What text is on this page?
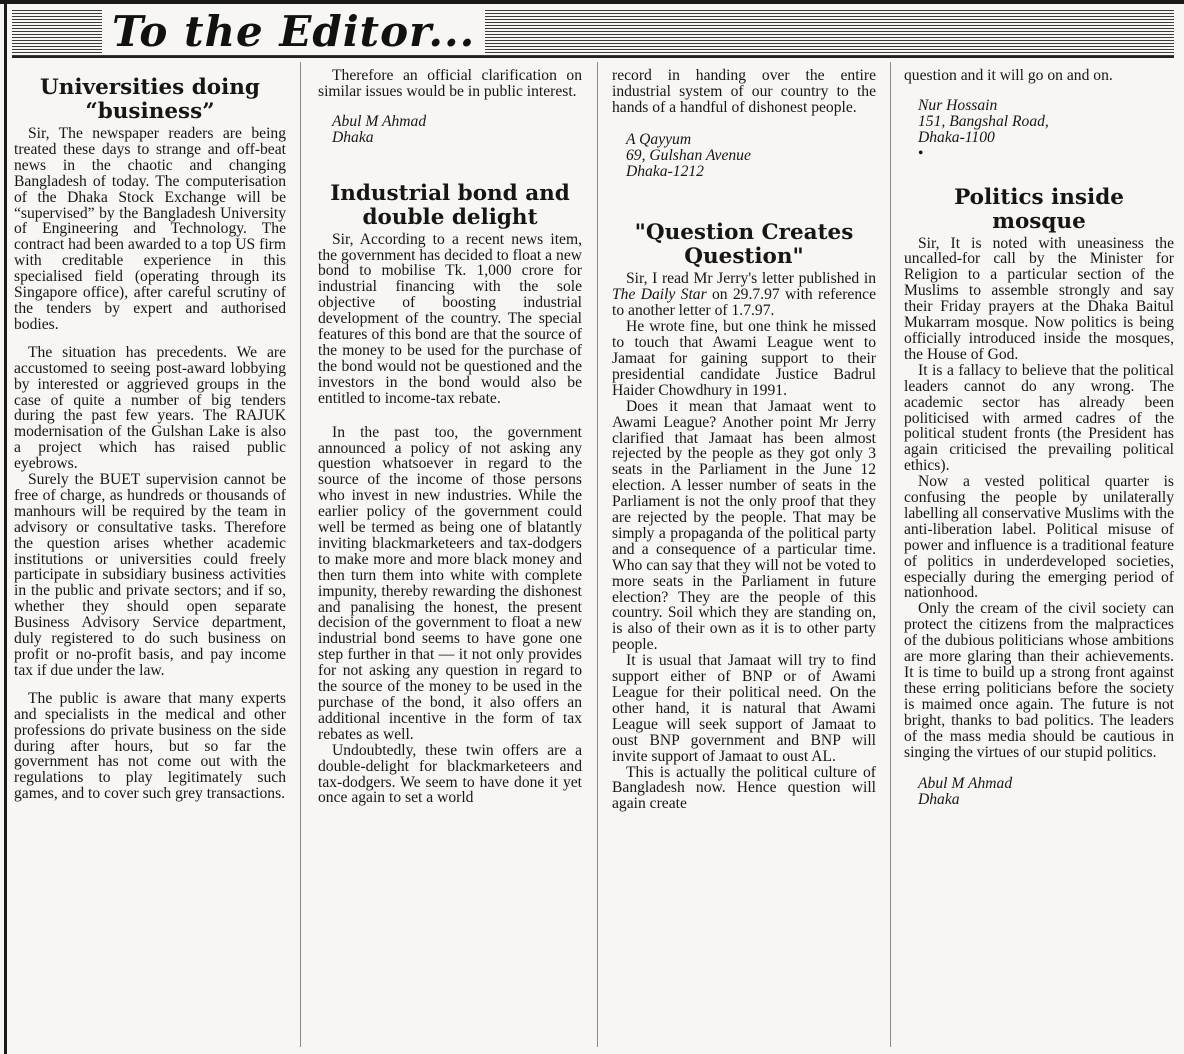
To the Editor...
Universities doing
“business”

Sir, The newspaper readers are being treated these days to strange and off-beat news in the chaotic and changing Bangladesh of today. The computerisation of the Dhaka Stock Exchange will be “supervised” by the Bangladesh University of Engineering and Technology. The contract had been awarded to a top US firm with creditable experience in this specialised field (operating through its Singapore office), after careful scrutiny of the tenders by expert and authorised bodies.

The situation has precedents. We are accustomed to seeing post-award lobbying by interested or aggrieved groups in the case of quite a number of big tenders during the past few years. The RAJUK modernisation of the Gulshan Lake is also a project which has raised public eyebrows.

Surely the BUET supervision cannot be free of charge, as hundreds or thousands of manhours will be required by the team in advisory or consultative tasks. Therefore the question arises whether academic institutions or universities could freely participate in subsidiary business activities in the public and private sectors; and if so, whether they should open separate Business Advisory Service department, duly registered to do such business on profit or no-profit basis, and pay income tax if due under the law.

The public is aware that many experts and specialists in the medical and other professions do private business on the side during after hours, but so far the government has not come out with the regulations to play legitimately such games, and to cover such grey transactions.

Therefore an official clarification on similar issues would be in public interest.

Abul M Ahmad

Dhaka

Industrial bond and
double delight

Sir, According to a recent news item, the government has decided to float a new bond to mobilise Tk. 1,000 crore for industrial financing with the sole objective of boosting industrial development of the country. The special features of this bond are that the source of the money to be used for the purchase of the bond would not be questioned and the investors in the bond would also be entitled to income-tax rebate.

In the past too, the government announced a policy of not asking any question whatsoever in regard to the source of the income of those persons who invest in new industries. While the earlier policy of the government could well be termed as being one of blatantly inviting blackmarketeers and tax-dodgers to make more and more black money and then turn them into white with complete impunity, thereby rewarding the dishonest and panalising the honest, the present decision of the government to float a new industrial bond seems to have gone one step further in that — it not only provides for not asking any question in regard to the source of the money to be used in the purchase of the bond, it also offers an additional incentive in the form of tax rebates as well.

Undoubtedly, these twin offers are a double-delight for blackmarketeers and tax-dodgers. We seem to have done it yet once again to set a world

record in handing over the entire industrial system of our country to the hands of a handful of dishonest people.

A Qayyum

69, Gulshan Avenue

Dhaka-1212

"Question Creates
Question"

Sir, I read Mr Jerry's letter published in The Daily Star on 29.7.97 with reference to another letter of 1.7.97.

He wrote fine, but one think he missed to touch that Awami League went to Jamaat for gaining support to their presidential candidate Justice Badrul Haider Chowdhury in 1991.

Does it mean that Jamaat went to Awami League? Another point Mr Jerry clarified that Jamaat has been almost rejected by the people as they got only 3 seats in the Parliament in the June 12 election. A lesser number of seats in the Parliament is not the only proof that they are rejected by the people. That may be simply a propaganda of the political party and a consequence of a particular time. Who can say that they will not be voted to more seats in the Parliament in future election? They are the people of this country. Soil which they are standing on, is also of their own as it is to other party people.

It is usual that Jamaat will try to find support either of BNP or of Awami League for their political need. On the other hand, it is natural that Awami League will seek support of Jamaat to oust BNP government and BNP will invite support of Jamaat to oust AL.

This is actually the political culture of Bangladesh now. Hence question will again create

question and it will go on and on.

Nur Hossain

151, Bangshal Road,

Dhaka-1100

•

Politics inside
mosque

Sir, It is noted with uneasiness the uncalled-for call by the Minister for Religion to a particular section of the Muslims to assemble strongly and say their Friday prayers at the Dhaka Baitul Mukarram mosque. Now politics is being officially introduced inside the mosques, the House of God.

It is a fallacy to believe that the political leaders cannot do any wrong. The academic sector has already been politicised with armed cadres of the political student fronts (the President has again criticised the prevailing political ethics).

Now a vested political quarter is confusing the people by unilaterally labelling all conservative Muslims with the anti-liberation label. Political misuse of power and influence is a traditional feature of politics in underdeveloped societies, especially during the emerging period of nationhood.

Only the cream of the civil society can protect the citizens from the malpractices of the dubious politicians whose ambitions are more glaring than their achievements. It is time to build up a strong front against these erring politicians before the society is maimed once again. The future is not bright, thanks to bad politics. The leaders of the mass media should be cautious in singing the virtues of our stupid politics.

Abul M Ahmad

Dhaka
